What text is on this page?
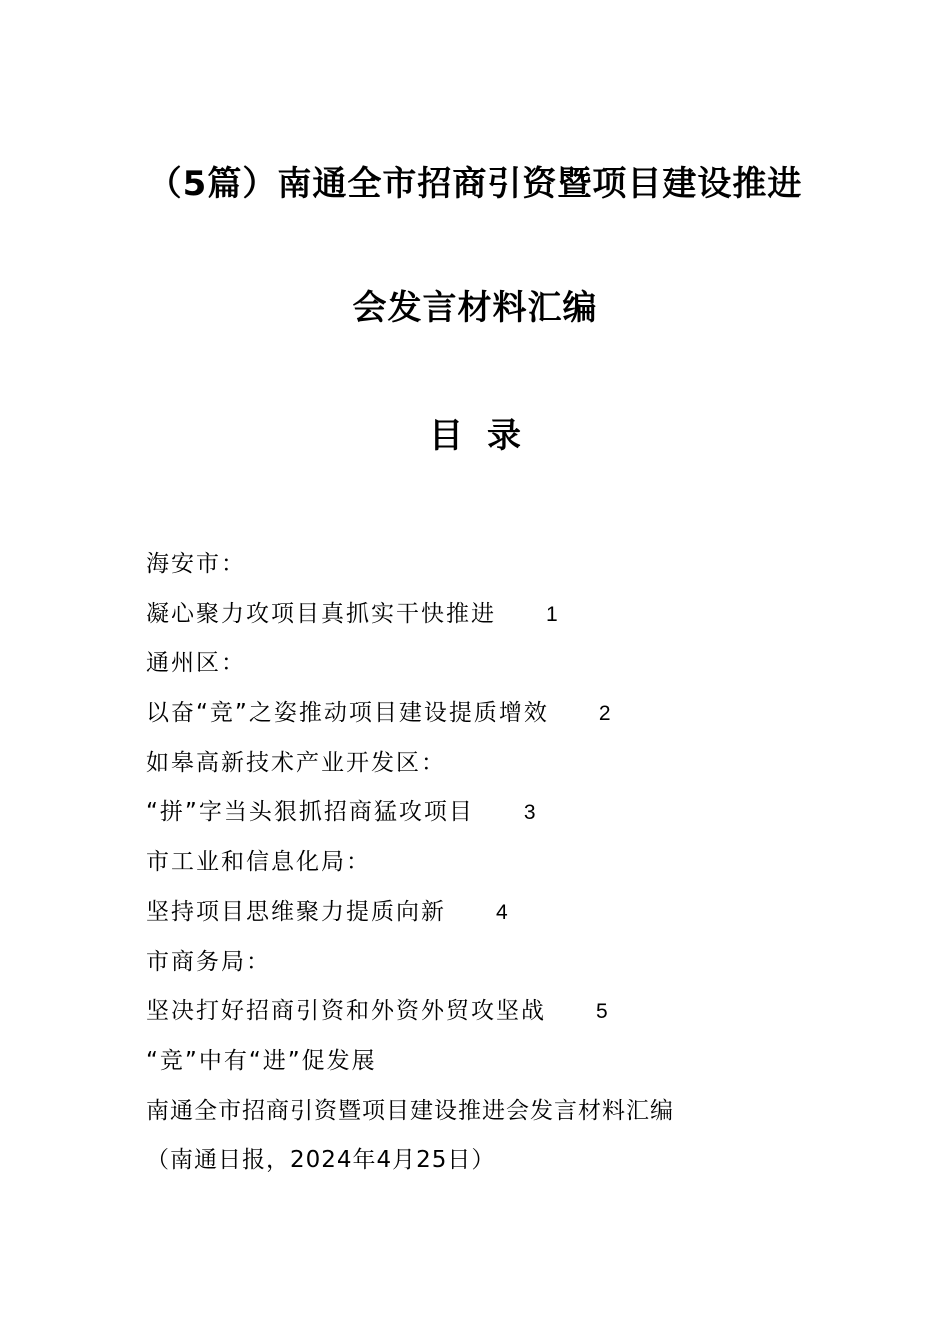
（5篇）南通全市招商引资暨项目建设推进
会发言材料汇编
目录
海安市：
凝心聚力攻项目真抓实干快推进 1
通州区：
以奋“竞”之姿推动项目建设提质增效 2
如皋高新技术产业开发区：
“拼”字当头狠抓招商猛攻项目 3
市工业和信息化局：
坚持项目思维聚力提质向新 4
市商务局：
坚决打好招商引资和外资外贸攻坚战 5
“竞”中有“进”促发展
南通全市招商引资暨项目建设推进会发言材料汇编
（南通日报，2024年4月25日）
